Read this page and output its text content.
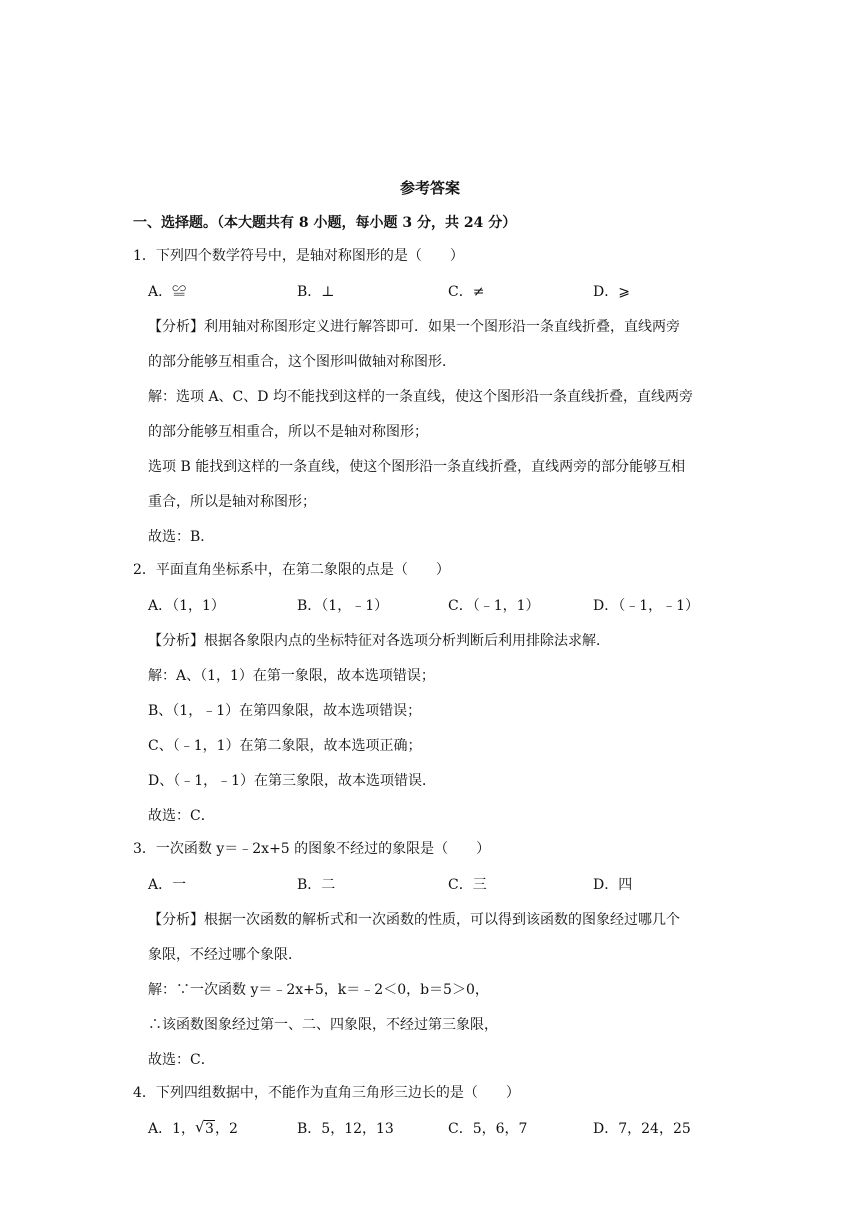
参考答案
一、选择题。（本大题共有 8 小题，每小题 3 分，共 24 分）
1．下列四个数学符号中，是轴对称图形的是（　　）
A．≌	B．⊥	C．≠	D．⩾
【分析】利用轴对称图形定义进行解答即可．如果一个图形沿一条直线折叠，直线两旁
的部分能够互相重合，这个图形叫做轴对称图形．
解：选项 A、C、D 均不能找到这样的一条直线，使这个图形沿一条直线折叠，直线两旁
的部分能够互相重合，所以不是轴对称图形；
选项 B 能找到这样的一条直线，使这个图形沿一条直线折叠，直线两旁的部分能够互相
重合，所以是轴对称图形；
故选：B．
2．平面直角坐标系中，在第二象限的点是（　　）
A．（1，1）	B．（1，﹣1）	C．（﹣1，1）	D．（﹣1，﹣1）
【分析】根据各象限内点的坐标特征对各选项分析判断后利用排除法求解．
解：A、（1，1）在第一象限，故本选项错误；
B、（1，﹣1）在第四象限，故本选项错误；
C、（﹣1，1）在第二象限，故本选项正确；
D、（﹣1，﹣1）在第三象限，故本选项错误．
故选：C．
3．一次函数 y＝﹣2x+5 的图象不经过的象限是（　　）
A．一	B．二	C．三	D．四
【分析】根据一次函数的解析式和一次函数的性质，可以得到该函数的图象经过哪几个
象限，不经过哪个象限．
解：∵一次函数 y＝﹣2x+5，k＝﹣2＜0，b＝5＞0，
∴该函数图象经过第一、二、四象限，不经过第三象限，
故选：C．
4．下列四组数据中，不能作为直角三角形三边长的是（　　）
A．1， √ 3，2	B．5，12，13	C．5，6，7	D．7，24，25
